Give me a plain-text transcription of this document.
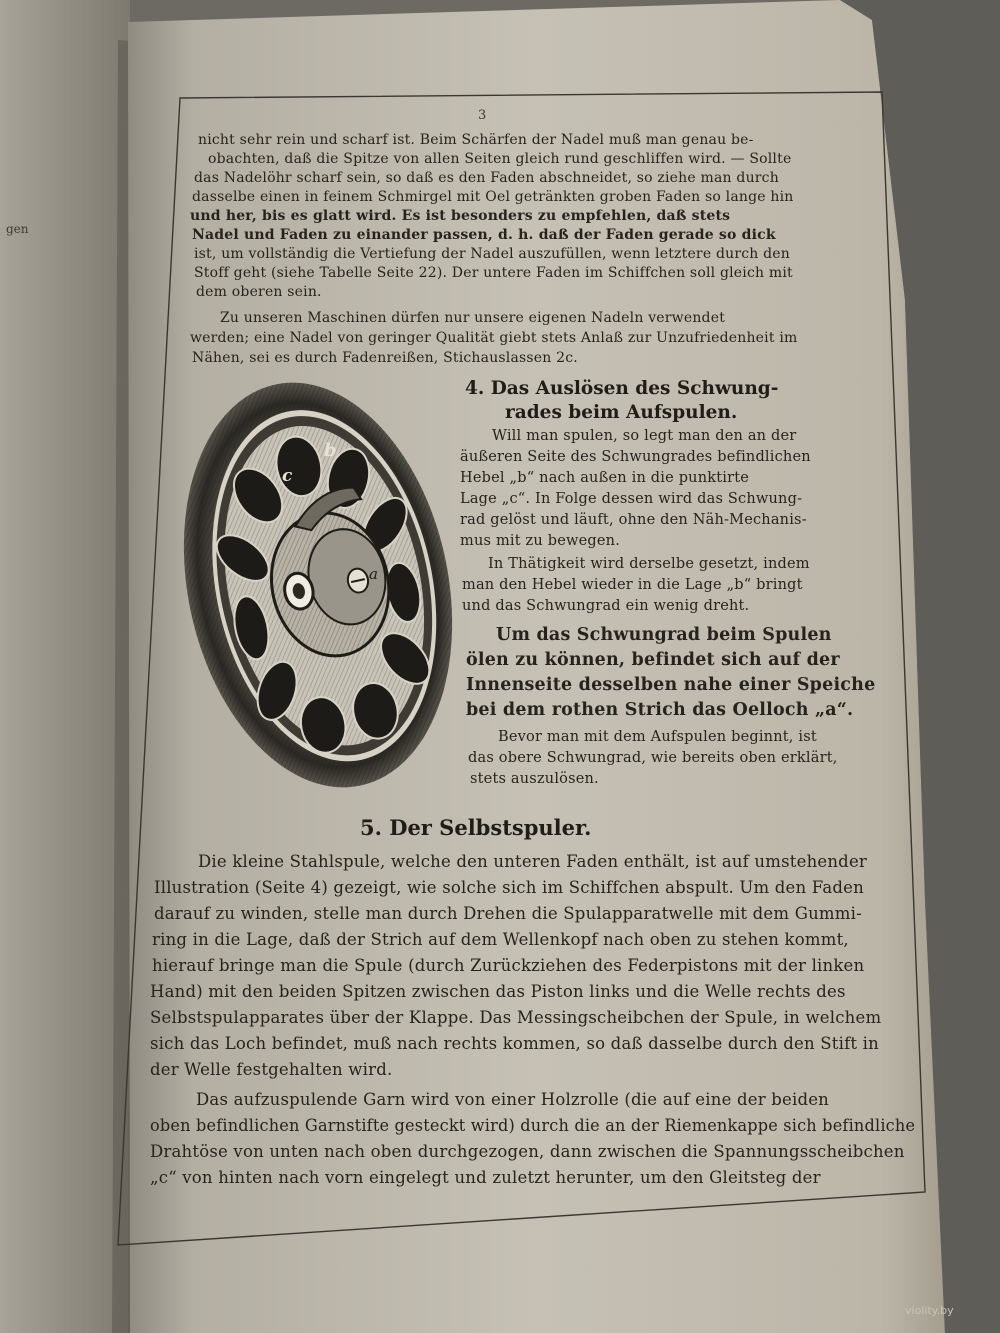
gen
3
b
c
a
nicht sehr rein und scharf ist. Beim Schärfen der Nadel muß man genau be-
obachten, daß die Spitze von allen Seiten gleich rund geschliffen wird. — Sollte
das Nadelöhr scharf sein, so daß es den Faden abschneidet, so ziehe man durch
dasselbe einen in feinem Schmirgel mit Oel getränkten groben Faden so lange hin
und her, bis es glatt wird. Es ist besonders zu empfehlen, daß stets
Nadel und Faden zu einander passen, d. h. daß der Faden gerade so dick
ist, um vollständig die Vertiefung der Nadel auszufüllen, wenn letztere durch den
Stoff geht (siehe Tabelle Seite 22). Der untere Faden im Schiffchen soll gleich mit
dem oberen sein.
Zu unseren Maschinen dürfen nur unsere eigenen Nadeln verwendet
werden; eine Nadel von geringer Qualität giebt stets Anlaß zur Unzufriedenheit im
Nähen, sei es durch Fadenreißen, Stichauslassen 2c.
4. Das Auslösen des Schwung-
rades beim Aufspulen.
Will man spulen, so legt man den an der
äußeren Seite des Schwungrades befindlichen
Hebel „b“ nach außen in die punktirte
Lage „c“. In Folge dessen wird das Schwung-
rad gelöst und läuft, ohne den Näh-Mechanis-
mus mit zu bewegen.
In Thätigkeit wird derselbe gesetzt, indem
man den Hebel wieder in die Lage „b“ bringt
und das Schwungrad ein wenig dreht.
Um das Schwungrad beim Spulen
ölen zu können, befindet sich auf der
Innenseite desselben nahe einer Speiche
bei dem rothen Strich das Oelloch „a“.
Bevor man mit dem Aufspulen beginnt, ist
das obere Schwungrad, wie bereits oben erklärt,
stets auszulösen.
5. Der Selbstspuler.
Die kleine Stahlspule, welche den unteren Faden enthält, ist auf umstehender
Illustration (Seite 4) gezeigt, wie solche sich im Schiffchen abspult. Um den Faden
darauf zu winden, stelle man durch Drehen die Spulapparatwelle mit dem Gummi-
ring in die Lage, daß der Strich auf dem Wellenkopf nach oben zu stehen kommt,
hierauf bringe man die Spule (durch Zurückziehen des Federpistons mit der linken
Hand) mit den beiden Spitzen zwischen das Piston links und die Welle rechts des
Selbstspulapparates über der Klappe. Das Messingscheibchen der Spule, in welchem
sich das Loch befindet, muß nach rechts kommen, so daß dasselbe durch den Stift in
der Welle festgehalten wird.
Das aufzuspulende Garn wird von einer Holzrolle (die auf eine der beiden
oben befindlichen Garnstifte gesteckt wird) durch die an der Riemenkappe sich befindliche
Drahtöse von unten nach oben durchgezogen, dann zwischen die Spannungsscheibchen
„c“ von hinten nach vorn eingelegt und zuletzt herunter, um den Gleitsteg der
violity.by
